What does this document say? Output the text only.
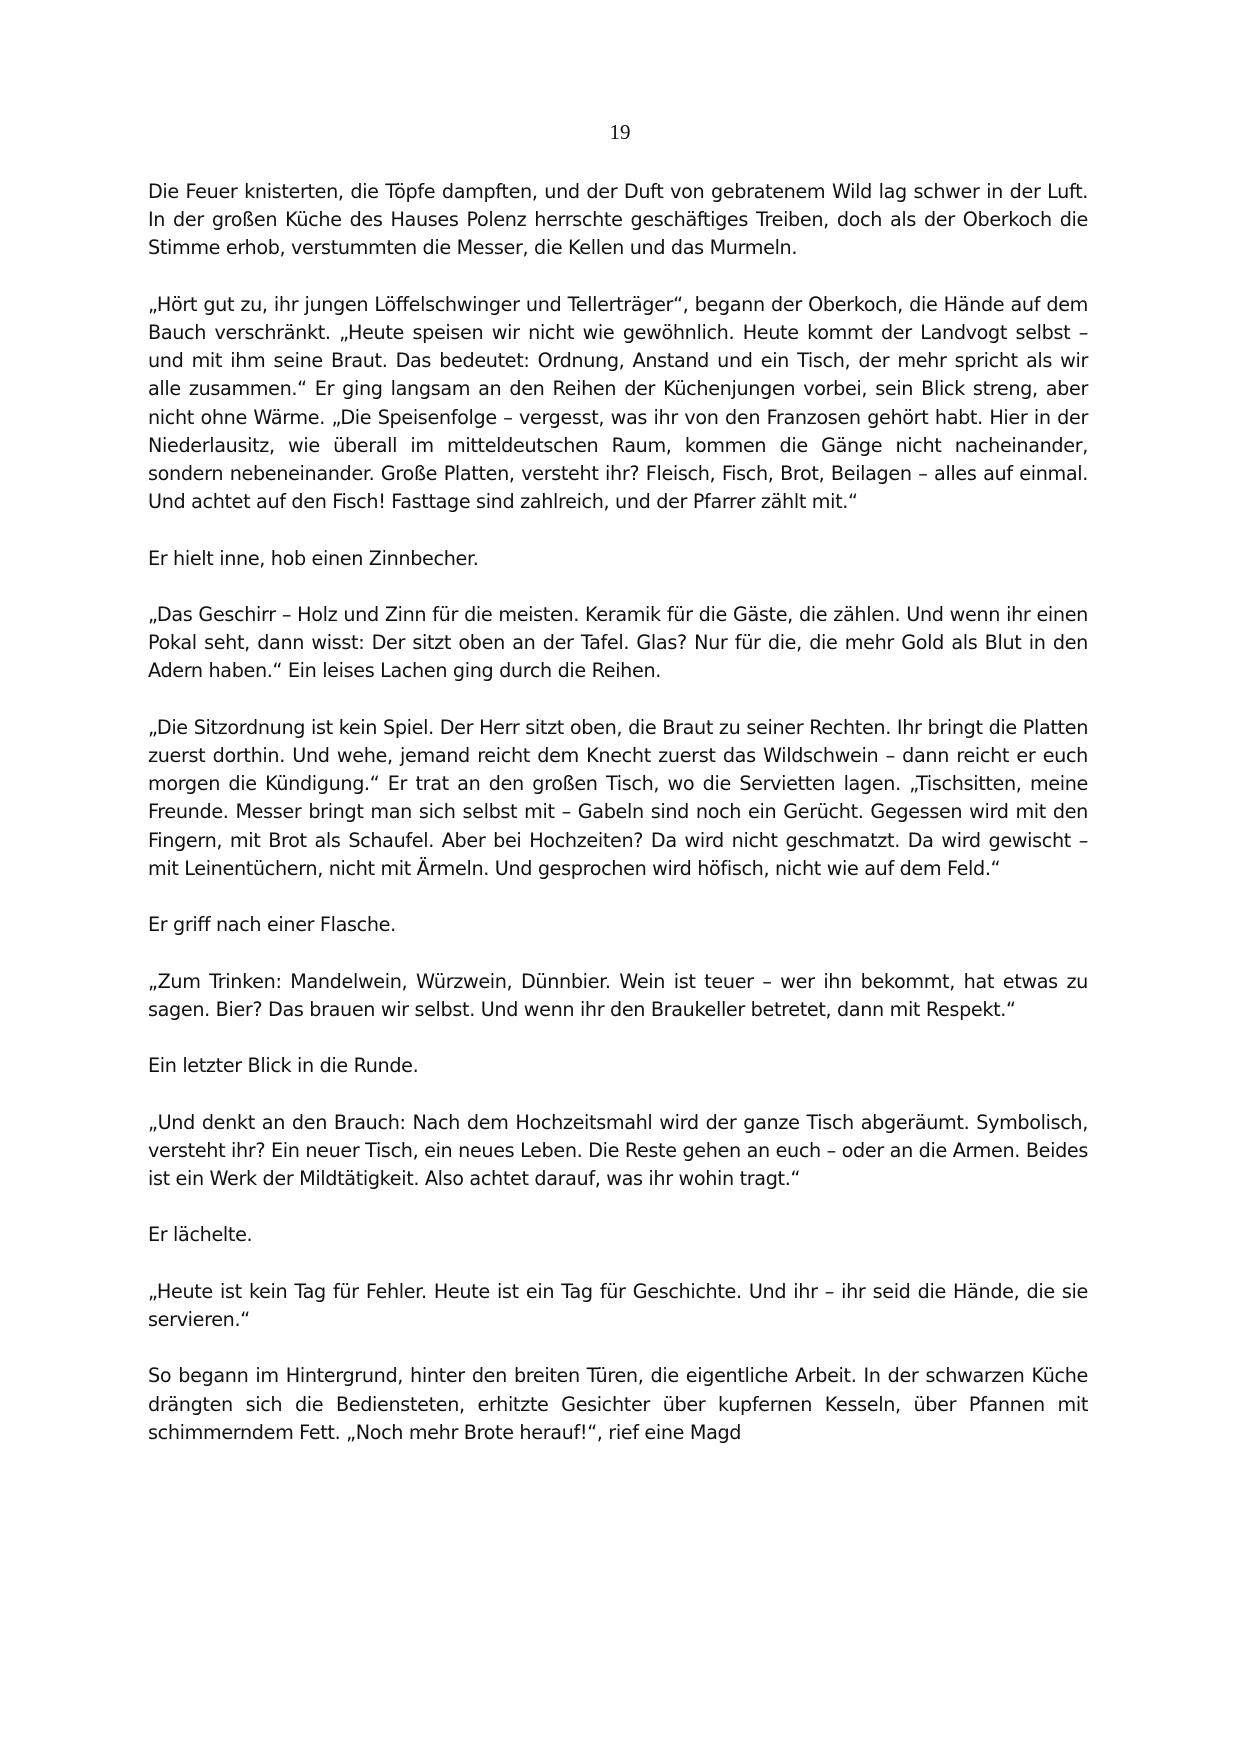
19

Die Feuer knisterten, die Töpfe dampften, und der Duft von gebratenem Wild lag schwer in der Luft. In der großen Küche des Hauses Polenz herrschte geschäftiges Treiben, doch als der Oberkoch die Stimme erhob, verstummten die Messer, die Kellen und das Murmeln.

„Hört gut zu, ihr jungen Löffelschwinger und Tellerträger“, begann der Oberkoch, die Hände auf dem Bauch verschränkt. „Heute speisen wir nicht wie gewöhnlich. Heute kommt der Landvogt selbst – und mit ihm seine Braut. Das bedeutet: Ordnung, Anstand und ein Tisch, der mehr spricht als wir alle zusammen.“ Er ging langsam an den Reihen der Küchenjungen vorbei, sein Blick streng, aber nicht ohne Wärme. „Die Speisenfolge – vergesst, was ihr von den Franzosen gehört habt. Hier in der Niederlausitz, wie überall im mitteldeutschen Raum, kommen die Gänge nicht nacheinander, sondern nebeneinander. Große Platten, versteht ihr? Fleisch, Fisch, Brot, Beilagen – alles auf einmal. Und achtet auf den Fisch! Fasttage sind zahlreich, und der Pfarrer zählt mit.“

Er hielt inne, hob einen Zinnbecher.

„Das Geschirr – Holz und Zinn für die meisten. Keramik für die Gäste, die zählen. Und wenn ihr einen Pokal seht, dann wisst: Der sitzt oben an der Tafel. Glas? Nur für die, die mehr Gold als Blut in den Adern haben.“ Ein leises Lachen ging durch die Reihen.

„Die Sitzordnung ist kein Spiel. Der Herr sitzt oben, die Braut zu seiner Rechten. Ihr bringt die Platten zuerst dorthin. Und wehe, jemand reicht dem Knecht zuerst das Wildschwein – dann reicht er euch morgen die Kündigung.“ Er trat an den großen Tisch, wo die Servietten lagen. „Tischsitten, meine Freunde. Messer bringt man sich selbst mit – Gabeln sind noch ein Gerücht. Gegessen wird mit den Fingern, mit Brot als Schaufel. Aber bei Hochzeiten? Da wird nicht geschmatzt. Da wird gewischt – mit Leinentüchern, nicht mit Ärmeln. Und gesprochen wird höfisch, nicht wie auf dem Feld.“

Er griff nach einer Flasche.

„Zum Trinken: Mandelwein, Würzwein, Dünnbier. Wein ist teuer – wer ihn bekommt, hat etwas zu sagen. Bier? Das brauen wir selbst. Und wenn ihr den Braukeller betretet, dann mit Respekt.“

Ein letzter Blick in die Runde.

„Und denkt an den Brauch: Nach dem Hochzeitsmahl wird der ganze Tisch abgeräumt. Symbolisch, versteht ihr? Ein neuer Tisch, ein neues Leben. Die Reste gehen an euch – oder an die Armen. Beides ist ein Werk der Mildtätigkeit. Also achtet darauf, was ihr wohin tragt.“

Er lächelte.

„Heute ist kein Tag für Fehler. Heute ist ein Tag für Geschichte. Und ihr – ihr seid die Hände, die sie servieren.“

So begann im Hintergrund, hinter den breiten Türen, die eigentliche Arbeit. In der schwarzen Küche drängten sich die Bediensteten, erhitzte Gesichter über kupfernen Kesseln, über Pfannen mit schimmerndem Fett. „Noch mehr Brote herauf!“, rief eine Magd
